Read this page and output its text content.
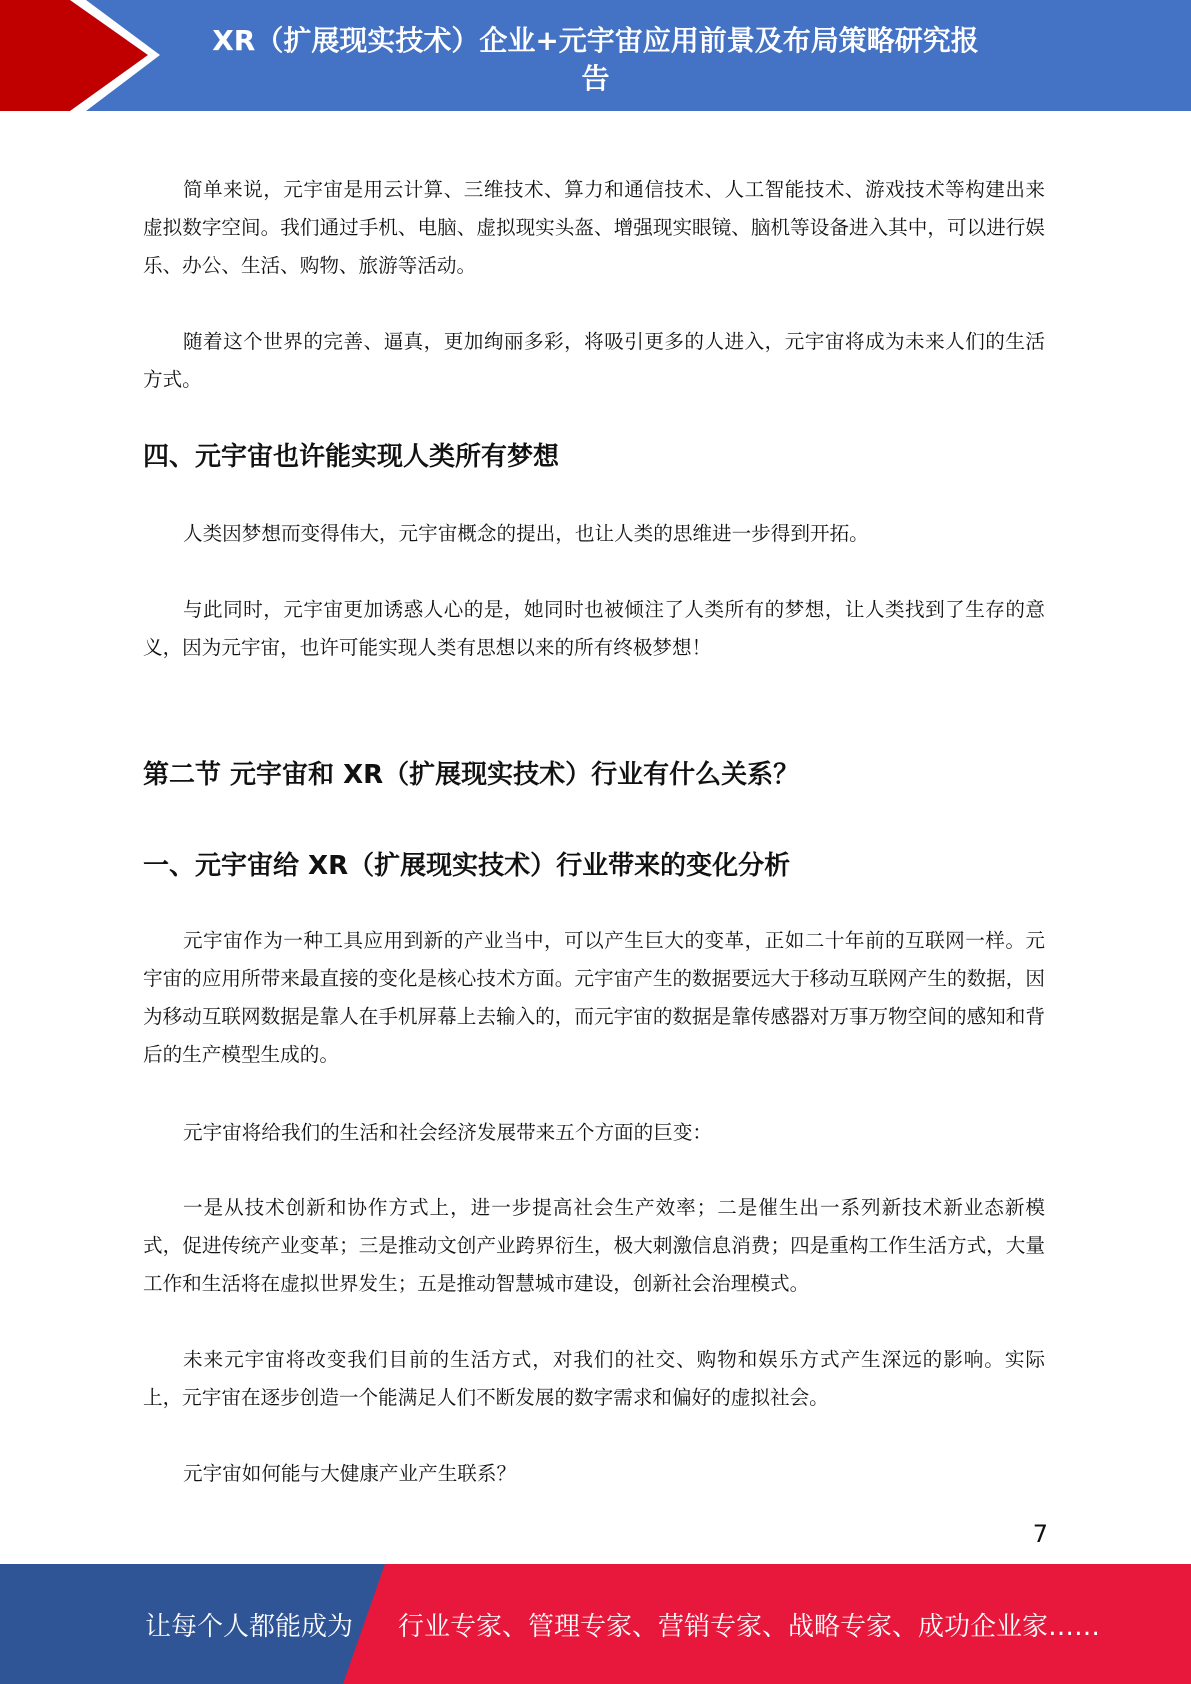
XR（扩展现实技术）企业+元宇宙应用前景及布局策略研究报
告

简单来说，元宇宙是用云计算、三维技术、算力和通信技术、人工智能技术、游戏技术等构建出来虚拟数字空间。我们通过手机、电脑、虚拟现实头盔、增强现实眼镜、脑机等设备进入其中，可以进行娱乐、办公、生活、购物、旅游等活动。

随着这个世界的完善、逼真，更加绚丽多彩，将吸引更多的人进入，元宇宙将成为未来人们的生活方式。

四、元宇宙也许能实现人类所有梦想

人类因梦想而变得伟大，元宇宙概念的提出，也让人类的思维进一步得到开拓。

与此同时，元宇宙更加诱惑人心的是，她同时也被倾注了人类所有的梦想，让人类找到了生存的意义，因为元宇宙，也许可能实现人类有思想以来的所有终极梦想！

第二节 元宇宙和 XR（扩展现实技术）行业有什么关系？
一、元宇宙给 XR（扩展现实技术）行业带来的变化分析

元宇宙作为一种工具应用到新的产业当中，可以产生巨大的变革，正如二十年前的互联网一样。元宇宙的应用所带来最直接的变化是核心技术方面。元宇宙产生的数据要远大于移动互联网产生的数据，因为移动互联网数据是靠人在手机屏幕上去输入的，而元宇宙的数据是靠传感器对万事万物空间的感知和背后的生产模型生成的。

元宇宙将给我们的生活和社会经济发展带来五个方面的巨变：

一是从技术创新和协作方式上，进一步提高社会生产效率；二是催生出一系列新技术新业态新模式，促进传统产业变革；三是推动文创产业跨界衍生，极大刺激信息消费；四是重构工作生活方式，大量工作和生活将在虚拟世界发生；五是推动智慧城市建设，创新社会治理模式。

未来元宇宙将改变我们目前的生活方式，对我们的社交、购物和娱乐方式产生深远的影响。实际上，元宇宙在逐步创造一个能满足人们不断发展的数字需求和偏好的虚拟社会。

元宇宙如何能与大健康产业产生联系？

7
让每个人都能成为 行业专家、管理专家、营销专家、战略专家、成功企业家……
